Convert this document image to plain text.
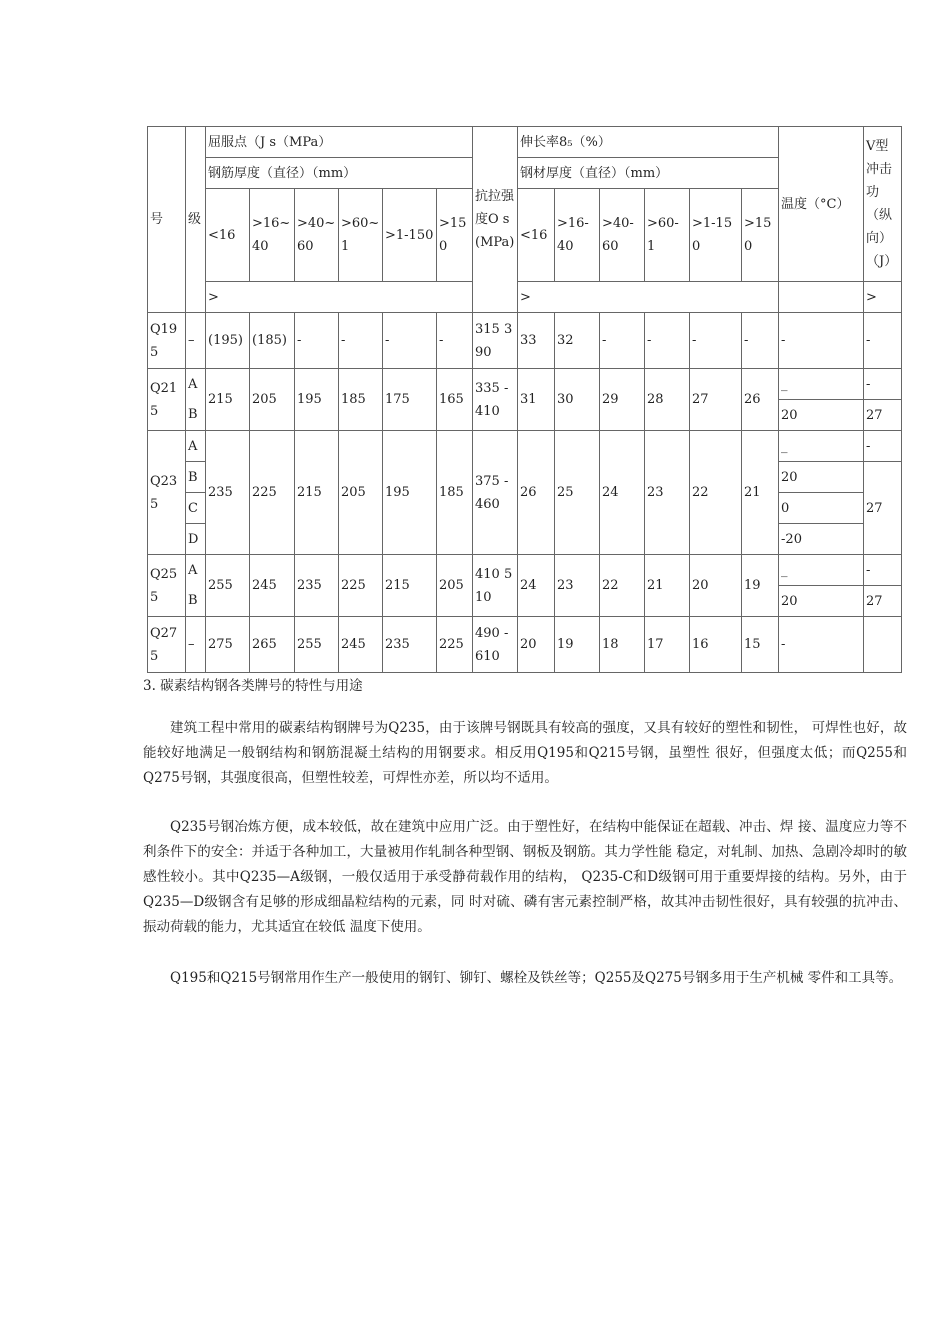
号	级	屈服点（J s（MPa）						抗拉强度O s (MPa)	伸长率8₅（%）						温度（°C）	V型冲击功（纵向）（J）
		钢筋厚度（直径）（mm）							钢材厚度（直径）（mm）							
		<16	>16~40	>40~60	>60~1	>1-150	>150		<16	>16-40	>40-60	>60-1	>1-150	>150		
		>							>							>
Q195	–	(195)	(185)	-	-	-	-	315 390	33	32	-	-	-	-	-	-
Q215	A	215	205	195	185	175	165	335 - 410	31	30	29	28	27	26	_	-
	B														20	27
Q235	A	235	225	215	205	195	185	375 - 460	26	25	24	23	22	21	_	-
	B														20	27
	C														0	
	D														-20	
Q255	A	255	245	235	225	215	205	410 510	24	23	22	21	20	19	_	-
	B														20	27
Q275	–	275	265	255	245	235	225	490 - 610	20	19	18	17	16	15	-	
3. 碳素结构钢各类牌号的特性与用途

建筑工程中常用的碳素结构钢牌号为Q235，由于该牌号钢既具有较高的强度，又具有较好的塑性和韧性， 可焊性也好，故能较好地满足一般钢结构和钢筋混凝土结构的用钢要求。相反用Q195和Q215号钢，虽塑性 很好，但强度太低；而Q255和Q275号钢，其强度很高，但塑性较差，可焊性亦差，所以均不适用。

Q235号钢冶炼方便，成本较低，故在建筑中应用广泛。由于塑性好，在结构中能保证在超载、冲击、焊 接、温度应力等不利条件下的安全：并适于各种加工，大量被用作轧制各种型钢、钢板及钢筋。其力学性能 稳定，对轧制、加热、急剧冷却时的敏感性较小。其中Q235—A级钢，一般仅适用于承受静荷载作用的结构， Q235-C和D级钢可用于重要焊接的结构。另外，由于Q235—D级钢含有足够的形成细晶粒结构的元素，同 时对硫、磷有害元素控制严格，故其冲击韧性很好，具有较强的抗冲击、振动荷载的能力，尤其适宜在较低 温度下使用。

Q195和Q215号钢常用作生产一般使用的钢钉、铆钉、螺栓及铁丝等；Q255及Q275号钢多用于生产机械 零件和工具等。
